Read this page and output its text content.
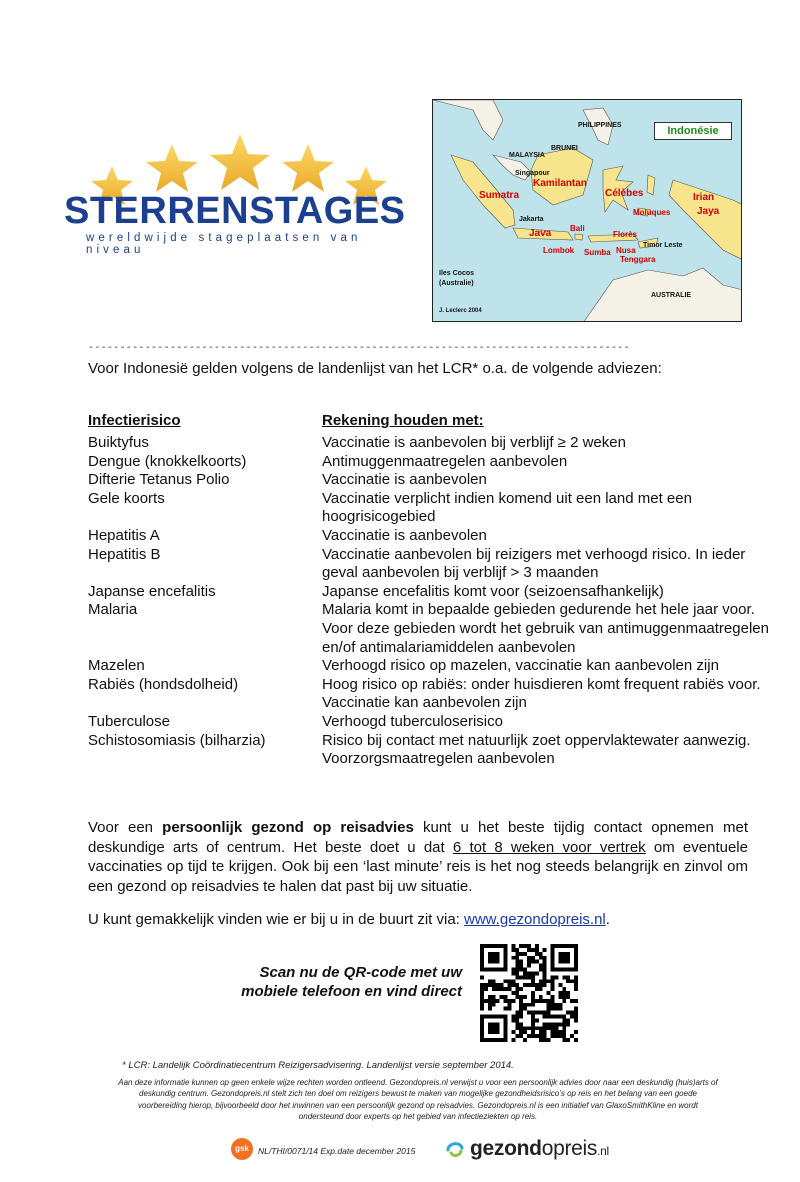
STERRENSTAGES
wereldwijde stageplaatsen van niveau
Indonésie
PHILIPPINES
MALAYSIA
BRUNEI
Singapour
Sumatra
Kamilantan
Célèbes	Irian
Jaya
Moluques
Jakarta
Java Bali
Florès
Timor Leste
Lombok Sumba Nusa
Tenggara
Iles Cocos
(Australie)
AUSTRALIE
J. Leclerc 2004
--------------------------------------------------------------------------------------
Voor Indonesië gelden volgens de landenlijst van het LCR* o.a. de volgende adviezen:
Infectierisico	Rekening houden met:
Buiktyfus	Vaccinatie is aanbevolen bij verblijf ≥ 2 weken
Dengue (knokkelkoorts)	Antimuggenmaatregelen aanbevolen
Difterie Tetanus Polio	Vaccinatie is aanbevolen
Gele koorts	Vaccinatie verplicht indien komend uit een land met een hoogrisicogebied
Hepatitis A	Vaccinatie is aanbevolen
Hepatitis B	Vaccinatie aanbevolen bij reizigers met verhoogd risico. In ieder geval aanbevolen bij verblijf > 3 maanden
Japanse encefalitis	Japanse encefalitis komt voor (seizoensafhankelijk)
Malaria	Malaria komt in bepaalde gebieden gedurende het hele jaar voor. Voor deze gebieden wordt het gebruik van antimuggenmaatregelen en/of antimalariamiddelen aanbevolen
Mazelen	Verhoogd risico op mazelen, vaccinatie kan aanbevolen zijn
Rabiës (hondsdolheid)	Hoog risico op rabiës: onder huisdieren komt frequent rabiës voor. Vaccinatie kan aanbevolen zijn
Tuberculose	Verhoogd tuberculoserisico
Schistosomiasis (bilharzia)	Risico bij contact met natuurlijk zoet oppervlaktewater aanwezig. Voorzorgsmaatregelen aanbevolen
Voor een persoonlijk gezond op reisadvies kunt u het beste tijdig contact opnemen met deskundige arts of centrum. Het beste doet u dat 6 tot 8 weken voor vertrek om eventuele vaccinaties op tijd te krijgen. Ook bij een ‘last minute’ reis is het nog steeds belangrijk en zinvol om een gezond op reisadvies te halen dat past bij uw situatie.
U kunt gemakkelijk vinden wie er bij u in de buurt zit via: www.gezondopreis.nl.
Scan nu de QR-code met uw
mobiele telefoon en vind direct
* LCR: Landelijk Coördinatiecentrum Reizigersadvisering. Landenlijst versie september 2014.
Aan deze informatie kunnen op geen enkele wijze rechten worden ontleend. Gezondopreis.nl verwijst u voor een persoonlijk advies door naar een deskundig (huis)arts of deskundig centrum. Gezondopreis.nl stelt zich ten doel om reizigers bewust te maken van mogelijke gezondheidsrisico’s op reis en het belang van een goede voorbereiding hierop, bijvoorbeeld door het inwinnen van een persoonlijk gezond op reisadvies. Gezondopreis.nl is een initiatief van GlaxoSmithKline en wordt ondersteund door experts op het gebied van infectieziekten op reis.
gsk	NL/THI/0071/14 Exp.date december 2015	gezondopreis.nl
